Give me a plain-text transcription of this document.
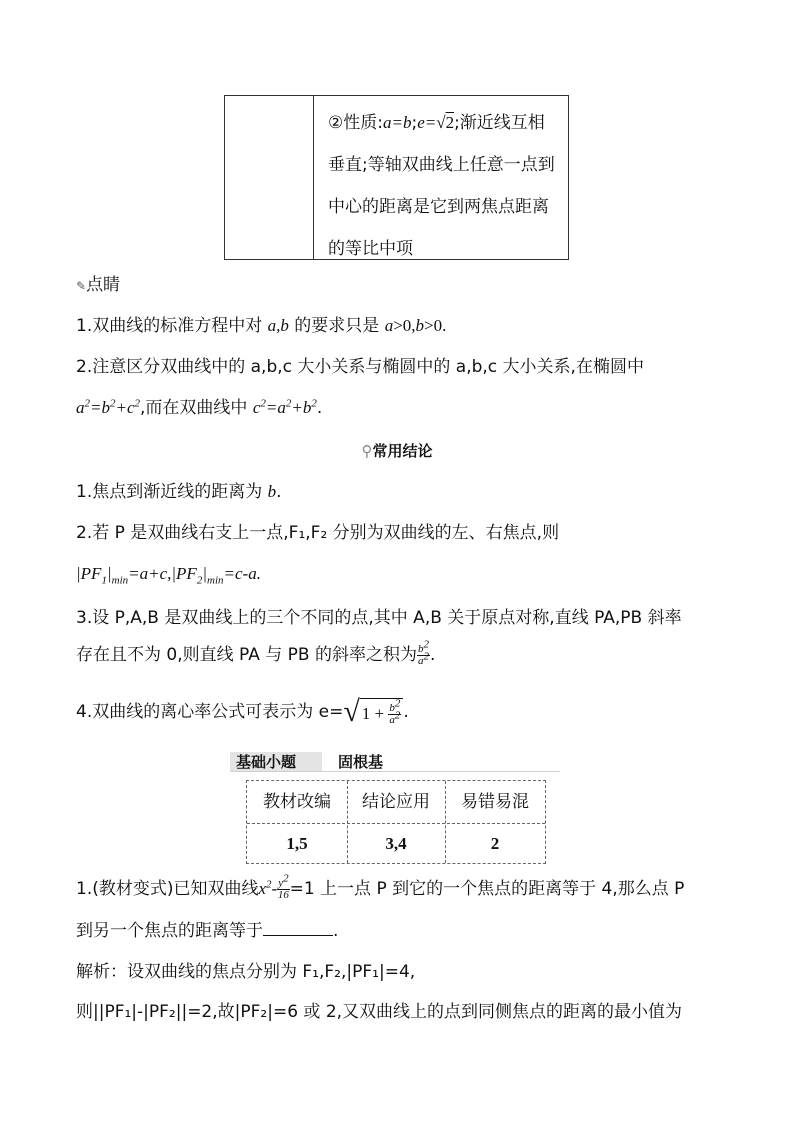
②性质:a=b;e=√2;渐近线互相
垂直;等轴双曲线上任意一点到
中心的距离是它到两焦点距离
的等比中项
✎点睛
1.双曲线的标准方程中对 a,b 的要求只是 a>0,b>0.
2.注意区分双曲线中的 a,b,c 大小关系与椭圆中的 a,b,c 大小关系,在椭圆中
$a^2=b^2+c^2$,而在双曲线中 $c^2=a^2+b^2$.
⚲常用结论
1.焦点到渐近线的距离为 b.
2.若 P 是双曲线右支上一点,F₁,F₂ 分别为双曲线的左、右焦点,则
$|PF_1|_{min}=a+c,|PF_2|_{min}=c-a$.
3.设 P,A,B 是双曲线上的三个不同的点,其中 A,B 关于原点对称,直线 PA,PB 斜率
存在且不为 0,则直线 PA 与 PB 的斜率之积为 $\frac{b^2}{a^2}$ .
4.双曲线的离心率公式可表示为 e=√ $1 + \frac{b^2}{a^2}$ .
基础小题	固根基
教材改编	结论应用	易错易混
1,5	3,4	2
1.(教材变式)已知双曲线$x^2- \frac{y^2}{16} =1$ 上一点 P 到它的一个焦点的距离等于 4,那么点 P
到另一个焦点的距离等于	.
解析：设双曲线的焦点分别为 F₁,F₂,|PF₁|=4,
则||PF₁|-|PF₂||=2,故|PF₂|=6 或 2,又双曲线上的点到同侧焦点的距离的最小值为
